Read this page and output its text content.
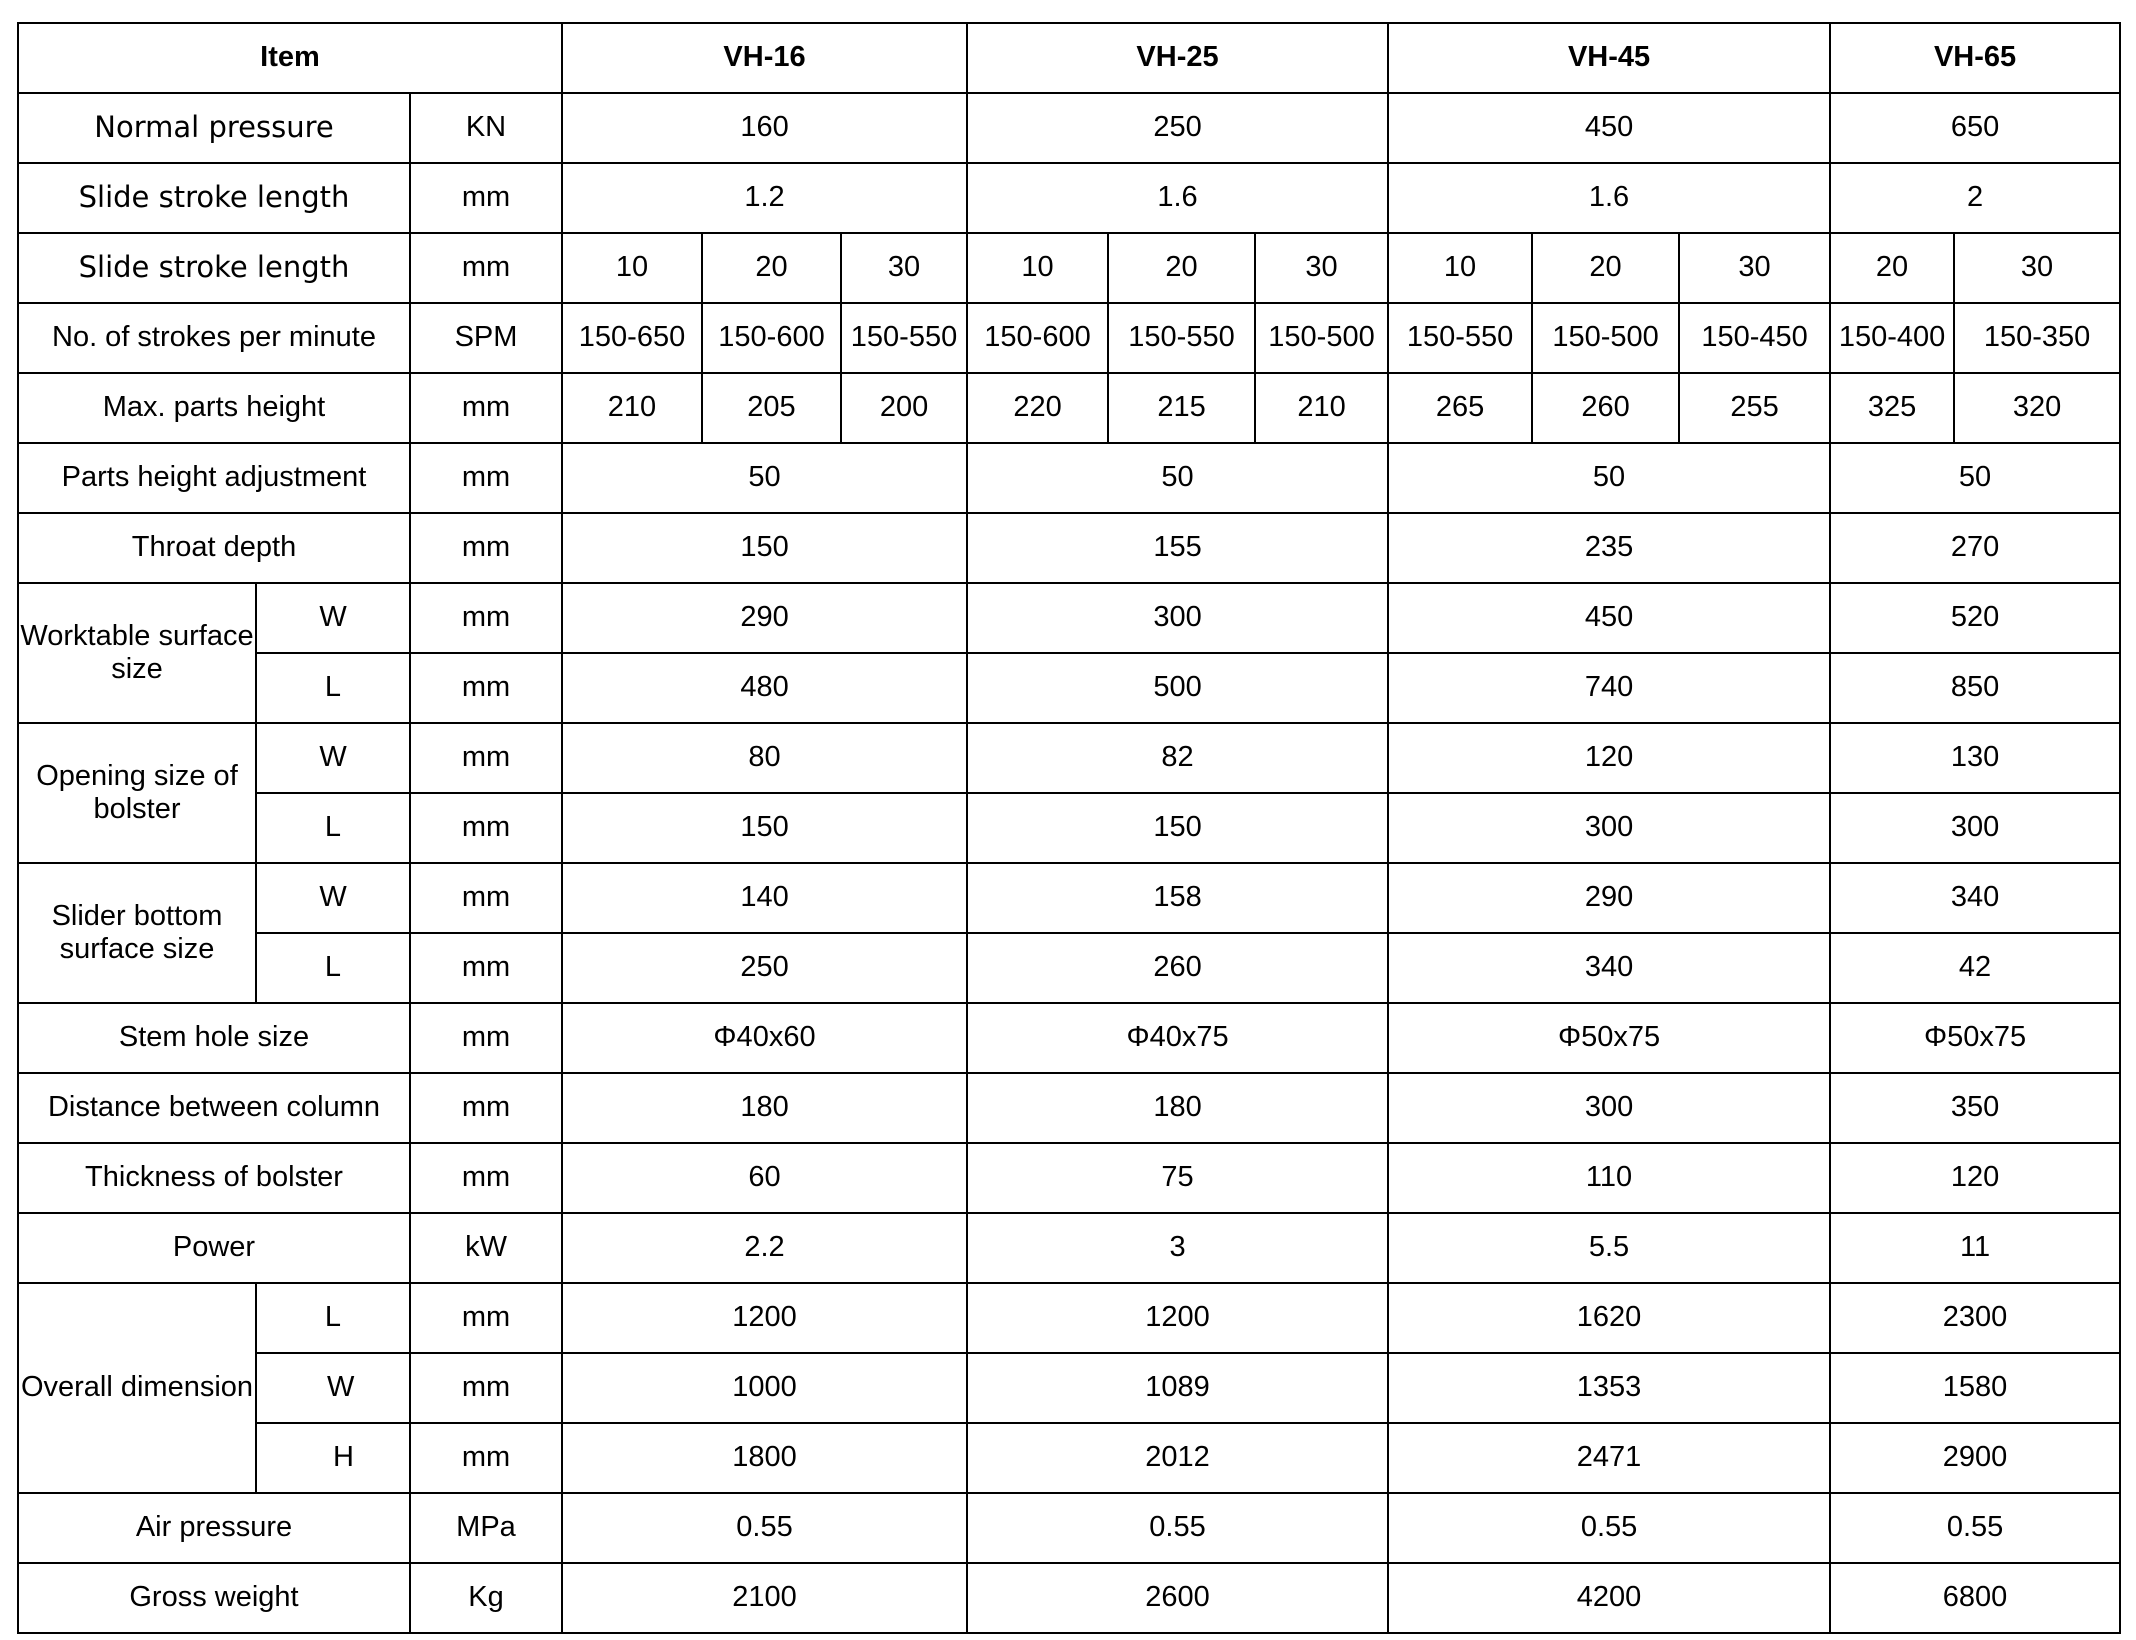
Item			VH-16			VH-25			VH-45			VH-65	
Normal pressure		KN	160			250			450			650	
Slide stroke length		mm	1.2			1.6			1.6			2	
Slide stroke length		mm	10	20	30	10	20	30	10	20	30	20	30
No. of strokes per minute		SPM	150-650	150-600	150-550	150-600	150-550	150-500	150-550	150-500	150-450	150-400	150-350
Max. parts height		mm	210	205	200	220	215	210	265	260	255	325	320
Parts height adjustment		mm	50			50			50			50	
Throat depth		mm	150			155			235			270	
Worktable surface size	W	mm	290			300			450			520	
	L	mm	480			500			740			850	
Opening size of bolster	W	mm	80			82			120			130	
	L	mm	150			150			300			300	
Slider bottom surface size	W	mm	140			158			290			340	
	L	mm	250			260			340			42	
Stem hole size		mm	Φ40x60			Φ40x75			Φ50x75			Φ50x75	
Distance between column		mm	180			180			300			350	
Thickness of bolster		mm	60			75			110			120	
Power		kW	2.2			3			5.5			11	
Overall dimension	L	mm	1200			1200			1620			2300	
	W	mm	1000			1089			1353			1580	
	H	mm	1800			2012			2471			2900	
Air pressure		MPa	0.55			0.55			0.55			0.55	
Gross weight		Kg	2100			2600			4200			6800	
